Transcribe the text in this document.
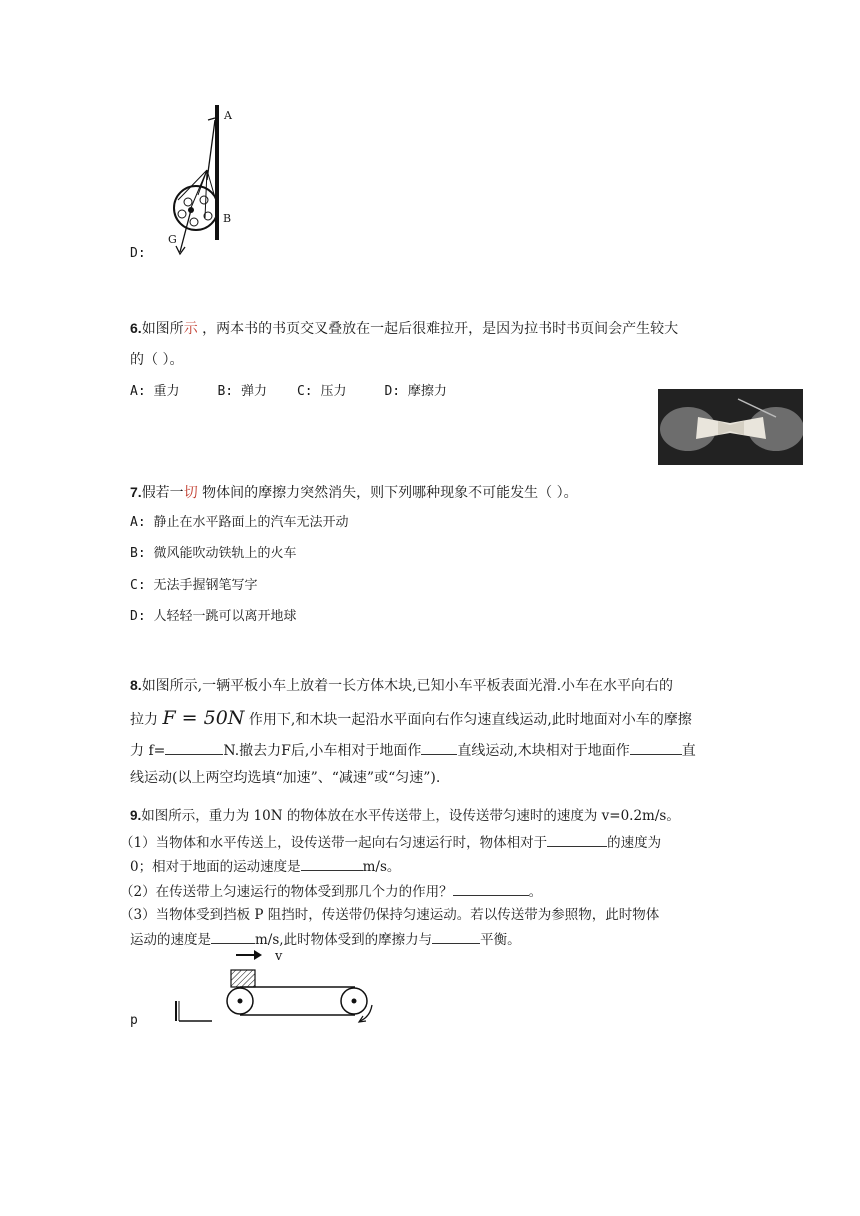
A
B
G
D:
6.如图所示 ，两本书的书页交叉叠放在一起后很难拉开，是因为拉书时书页间会产生较大
的（ ）。
A: 重力	B: 弹力 C: 压力	D: 摩擦力
7.假若一切 物体间的摩擦力突然消失，则下列哪种现象不可能发生（ ）。
A: 静止在水平路面上的汽车无法开动
B: 微风能吹动铁轨上的火车
C: 无法手握钢笔写字
D: 人轻轻一跳可以离开地球
8.如图所示,一辆平板小车上放着一长方体木块,已知小车平板表面光滑.小车在水平向右的
拉力 F = 50N 作用下,和木块一起沿水平面向右作匀速直线运动,此时地面对小车的摩擦
力 f=	N.撤去力F后,小车相对于地面作	直线运动,木块相对于地面作	直
线运动(以上两空均选填“加速”、“减速”或“匀速”).
9.如图所示，重力为 10N 的物体放在水平传送带上，设传送带匀速时的速度为 v=0.2m/s。
（1）当物体和水平传送上，设传送带一起向右匀速运行时，物体相对于	的速度为
0；相对于地面的运动速度是	m/s。
（2）在传送带上匀速运行的物体受到那几个力的作用？	。
（3）当物体受到挡板 P 阻挡时，传送带仍保持匀速运动。若以传送带为参照物，此时物体
运动的速度是	m/s,此时物体受到的摩擦力与	平衡。
v
p
